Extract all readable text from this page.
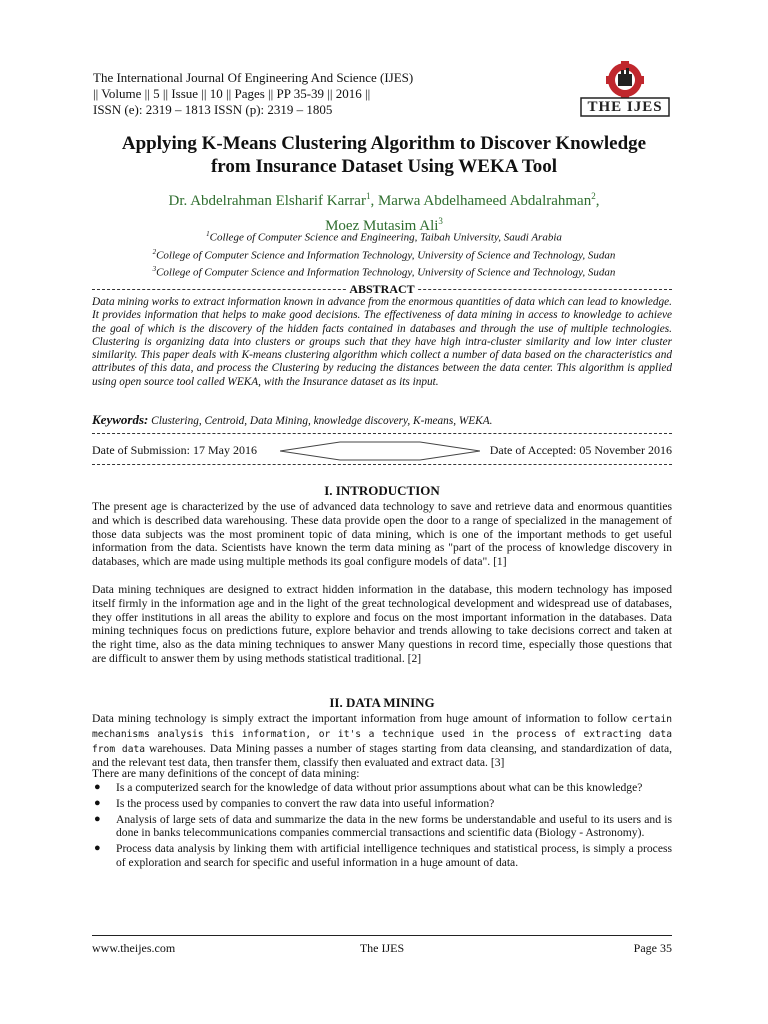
The International Journal Of Engineering And Science (IJES)
|| Volume || 5 || Issue || 10 || Pages || PP 35-39 || 2016 ||
ISSN (e): 2319 – 1813 ISSN (p): 2319 – 1805	THE IJES
Applying K-Means Clustering Algorithm to Discover Knowledge
from Insurance Dataset Using WEKA Tool
Dr. Abdelrahman Elsharif Karrar$^1$, Marwa Abdelhameed Abdalrahman$^2$,
Moez Mutasim Ali$^3$
$^1$College of Computer Science and Engineering, Taibah University, Saudi Arabia
$^2$College of Computer Science and Information Technology, University of Science and Technology, Sudan
$^3$College of Computer Science and Information Technology, University of Science and Technology, Sudan
ABSTRACT
Data mining works to extract information known in advance from the enormous quantities of data which can lead to knowledge. It provides information that helps to make good decisions. The effectiveness of data mining in access to knowledge to achieve the goal of which is the discovery of the hidden facts contained in databases and through the use of multiple technologies. Clustering is organizing data into clusters or groups such that they have high intra-cluster similarity and low inter cluster similarity. This paper deals with K-means clustering algorithm which collect a number of data based on the characteristics and attributes of this data, and process the Clustering by reducing the distances between the data center. This algorithm is applied using open source tool called WEKA, with the Insurance dataset as its input.
Keywords: Clustering, Centroid, Data Mining, knowledge discovery, K-means, WEKA.
Date of Submission: 17 May 2016	Date of Accepted: 05 November 2016
I. INTRODUCTION
The present age is characterized by the use of advanced data technology to save and retrieve data and enormous quantities and which is described data warehousing. These data provide open the door to a range of specialized in the management of those data subjects was the most prominent topic of data mining, which is one of the important methods to get useful information from the data. Scientists have known the term data mining as "part of the process of knowledge discovery in databases, which are made using multiple methods its goal configure models of data". [1]
Data mining techniques are designed to extract hidden information in the database, this modern technology has imposed itself firmly in the information age and in the light of the great technological development and widespread use of databases, they offer institutions in all areas the ability to explore and focus on the most important information in the databases. Data mining techniques focus on predictions future, explore behavior and trends allowing to take decisions correct and taken at the right time, also as the data mining techniques to answer Many questions in record time, especially those questions that are difficult to answer them by using methods statistical traditional. [2]
II. DATA MINING
Data mining technology is simply extract the important information from huge amount of information to follow certain mechanisms analysis this information, or it's a technique used in the process of extracting data from data warehouses. Data Mining passes a number of stages starting from data cleansing, and standardization of data, and the relevant test data, then transfer them, classify then evaluated and extract data. [3]
There are many definitions of the concept of data mining:
● Is a computerized search for the knowledge of data without prior assumptions about what can be this knowledge?
● Is the process used by companies to convert the raw data into useful information?
● Analysis of large sets of data and summarize the data in the new forms be understandable and useful to its users and is done in banks telecommunications companies commercial transactions and scientific data (Biology - Astronomy).
● Process data analysis by linking them with artificial intelligence techniques and statistical process, is simply a process of exploration and search for specific and useful information in a huge amount of data.
www.theijes.com	The IJES	Page 35
